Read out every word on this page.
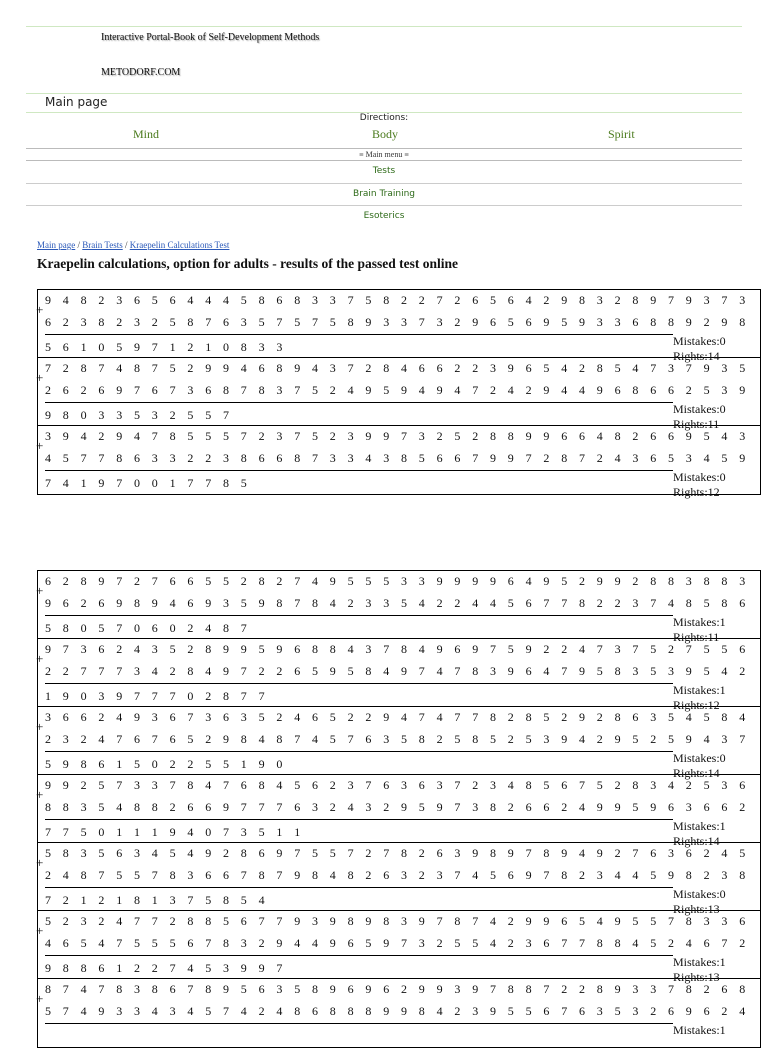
Interactive Portal-Book of Self-Development Methods
METODORF.COM
Main page
Directions:
Mind	Body	Spirit
≡ Main menu ≡
Tests
Brain Training
Esoterics
Main page / Brain Tests / Kraepelin Calculations Test
Kraepelin calculations, option for adults - results of the passed test online
+
9 4 8 2 3 6 5 6 4 4 4 5 8 6 8 3 3 7 5 8 2 2 7 2 6 5 6 4 2 9 8 3 2 8 9 7 9 3 7 3
6 2 3 8 2 3 2 5 8 7 6 3 5 7 5 7 5 8 9 3 3 7 3 2 9 6 5 6 9 5 9 3 3 6 8 8 9 2 9 8
5 6 1 0 5 9 7 1 2 1 0 8 3 3	Mistakes:0
Rights:14
+
7 2 8 7 4 8 7 5 2 9 9 4 6 8 9 4 3 7 2 8 4 6 6 2 2 3 9 6 5 4 2 8 5 4 7 3 7 9 3 5
2 6 2 6 9 7 6 7 3 6 8 7 8 3 7 5 2 4 9 5 9 4 9 4 7 2 4 2 9 4 4 9 6 8 6 6 2 5 3 9
9 8 0 3 3 5 3 2 5 5 7	Mistakes:0
Rights:11
+
3 9 4 2 9 4 7 8 5 5 5 7 2 3 7 5 2 3 9 9 7 3 2 5 2 8 8 9 9 6 6 4 8 2 6 6 9 5 4 3
4 5 7 7 8 6 3 3 2 2 3 8 6 6 8 7 3 3 4 3 8 5 6 6 7 9 9 7 2 8 7 2 4 3 6 5 3 4 5 9
7 4 1 9 7 0 0 1 7 7 8 5	Mistakes:0
Rights:12
+
6 2 8 9 7 2 7 6 6 5 5 2 8 2 7 4 9 5 5 5 3 3 9 9 9 9 6 4 9 5 2 9 9 2 8 8 3 8 8 3
9 6 2 6 9 8 9 4 6 9 3 5 9 8 7 8 4 2 3 3 5 4 2 2 4 4 5 6 7 7 8 2 2 3 7 4 8 5 8 6
5 8 0 5 7 0 6 0 2 4 8 7	Mistakes:1
Rights:11
+
9 7 3 6 2 4 3 5 2 8 9 9 5 9 6 8 8 4 3 7 8 4 9 6 9 7 5 9 2 2 4 7 3 7 5 2 7 5 5 6
2 2 7 7 7 3 4 2 8 4 9 7 2 2 6 5 9 5 8 4 9 7 4 7 8 3 9 6 4 7 9 5 8 3 5 3 9 5 4 2
1 9 0 3 9 7 7 7 0 2 8 7 7	Mistakes:1
Rights:12
+
3 6 6 2 4 9 3 6 7 3 6 3 5 2 4 6 5 2 2 9 4 7 4 7 7 8 2 8 5 2 9 2 8 6 3 5 4 5 8 4
2 3 2 4 7 6 7 6 5 2 9 8 4 8 7 4 5 7 6 3 5 8 2 5 8 5 2 5 3 9 4 2 9 5 2 5 9 4 3 7
5 9 8 6 1 5 0 2 2 5 5 1 9 0	Mistakes:0
Rights:14
+
9 9 2 5 7 3 3 7 8 4 7 6 8 4 5 6 2 3 7 6 3 6 3 7 2 3 4 8 5 6 7 5 2 8 3 4 2 5 3 6
8 8 3 5 4 8 8 2 6 6 9 7 7 7 6 3 2 4 3 2 9 5 9 7 3 8 2 6 6 2 4 9 9 5 9 6 3 6 6 2
7 7 5 0 1 1 1 9 4 0 7 3 5 1 1	Mistakes:1
Rights:14
+
5 8 3 5 6 3 4 5 4 9 2 8 6 9 7 5 5 7 2 7 8 2 6 3 9 8 9 7 8 9 4 9 2 7 6 3 6 2 4 5
2 4 8 7 5 5 7 8 3 6 6 7 8 7 9 8 4 8 2 6 3 2 3 7 4 5 6 9 7 8 2 3 4 4 5 9 8 2 3 8
7 2 1 2 1 8 1 3 7 5 8 5 4	Mistakes:0
Rights:13
+
5 2 3 2 4 7 7 2 8 8 5 6 7 7 9 3 9 8 9 8 3 9 7 8 7 4 2 9 9 6 5 4 9 5 5 7 8 3 3 6
4 6 5 4 7 5 5 5 6 7 8 3 2 9 4 4 9 6 5 9 7 3 2 5 5 4 2 3 6 7 7 8 8 4 5 2 4 6 7 2
9 8 8 6 1 2 2 7 4 5 3 9 9 7	Mistakes:1
Rights:13
+
8 7 4 7 8 3 8 6 7 8 9 5 6 3 5 8 9 6 9 6 2 9 9 3 9 7 8 8 7 2 2 8 9 3 3 7 8 2 6 8
5 7 4 9 3 3 4 3 4 5 7 4 2 4 8 6 8 8 8 9 9 8 4 2 3 9 5 5 6 7 6 3 5 3 2 6 9 6 2 4
Mistakes:1
